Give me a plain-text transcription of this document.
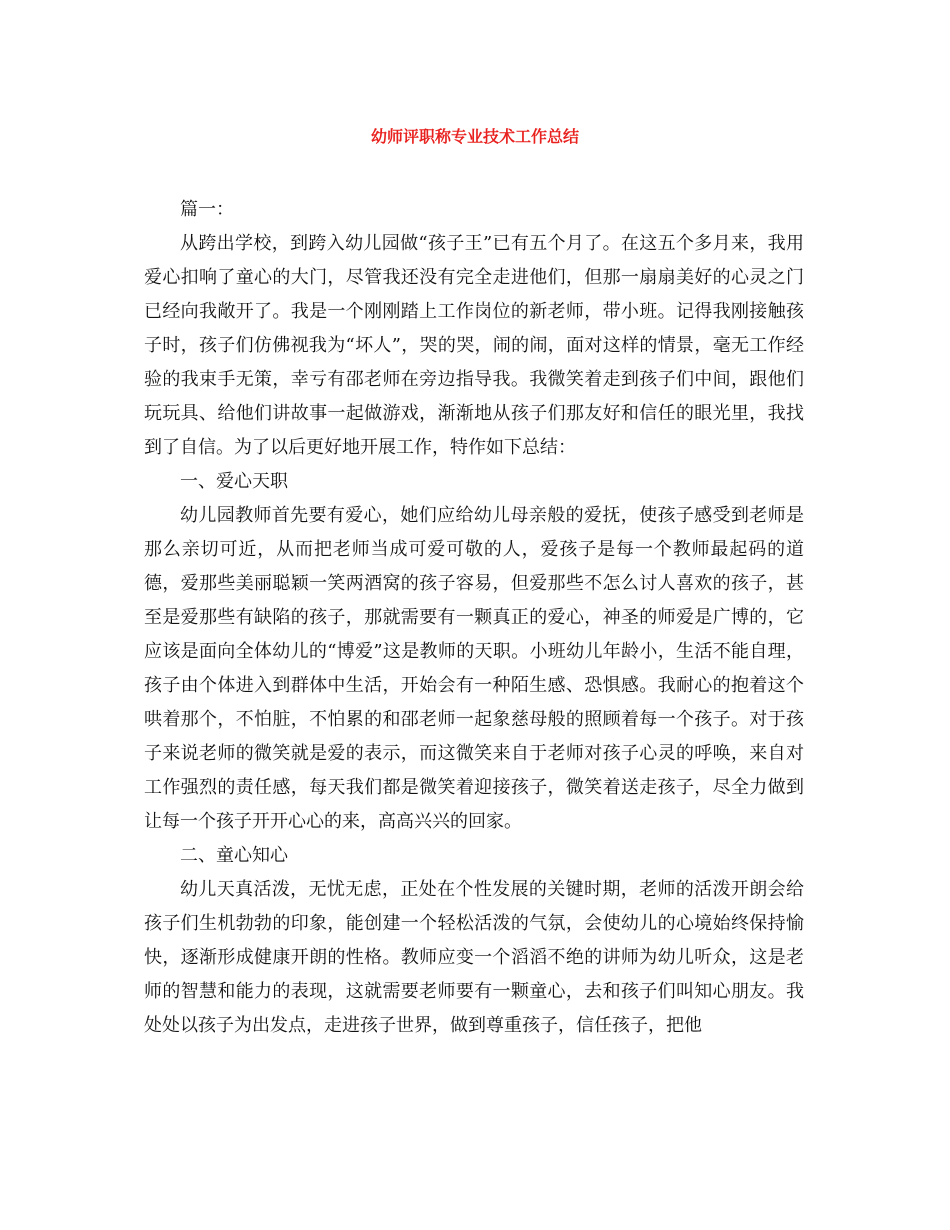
幼师评职称专业技术工作总结

篇一：

从跨出学校，到跨入幼儿园做“孩子王”已有五个月了。在这五个多月来，我用爱心扣响了童心的大门，尽管我还没有完全走进他们，但那一扇扇美好的心灵之门已经向我敞开了。我是一个刚刚踏上工作岗位的新老师，带小班。记得我刚接触孩子时，孩子们仿佛视我为“坏人”，哭的哭，闹的闹，面对这样的情景，毫无工作经验的我束手无策，幸亏有邵老师在旁边指导我。我微笑着走到孩子们中间，跟他们玩玩具、给他们讲故事一起做游戏，渐渐地从孩子们那友好和信任的眼光里，我找到了自信。为了以后更好地开展工作，特作如下总结：

一、爱心天职

幼儿园教师首先要有爱心，她们应给幼儿母亲般的爱抚，使孩子感受到老师是那么亲切可近，从而把老师当成可爱可敬的人，爱孩子是每一个教师最起码的道德，爱那些美丽聪颖一笑两酒窝的孩子容易，但爱那些不怎么讨人喜欢的孩子，甚至是爱那些有缺陷的孩子，那就需要有一颗真正的爱心，神圣的师爱是广博的，它应该是面向全体幼儿的“博爱”这是教师的天职。小班幼儿年龄小，生活不能自理，孩子由个体进入到群体中生活，开始会有一种陌生感、恐惧感。我耐心的抱着这个哄着那个，不怕脏，不怕累的和邵老师一起象慈母般的照顾着每一个孩子。对于孩子来说老师的微笑就是爱的表示，而这微笑来自于老师对孩子心灵的呼唤，来自对工作强烈的责任感，每天我们都是微笑着迎接孩子，微笑着送走孩子，尽全力做到让每一个孩子开开心心的来，高高兴兴的回家。

二、童心知心

幼儿天真活泼，无忧无虑，正处在个性发展的关键时期，老师的活泼开朗会给孩子们生机勃勃的印象，能创建一个轻松活泼的气氛，会使幼儿的心境始终保持愉快，逐渐形成健康开朗的性格。教师应变一个滔滔不绝的讲师为幼儿听众，这是老师的智慧和能力的表现，这就需要老师要有一颗童心，去和孩子们叫知心朋友。我处处以孩子为出发点，走进孩子世界，做到尊重孩子，信任孩子，把他
